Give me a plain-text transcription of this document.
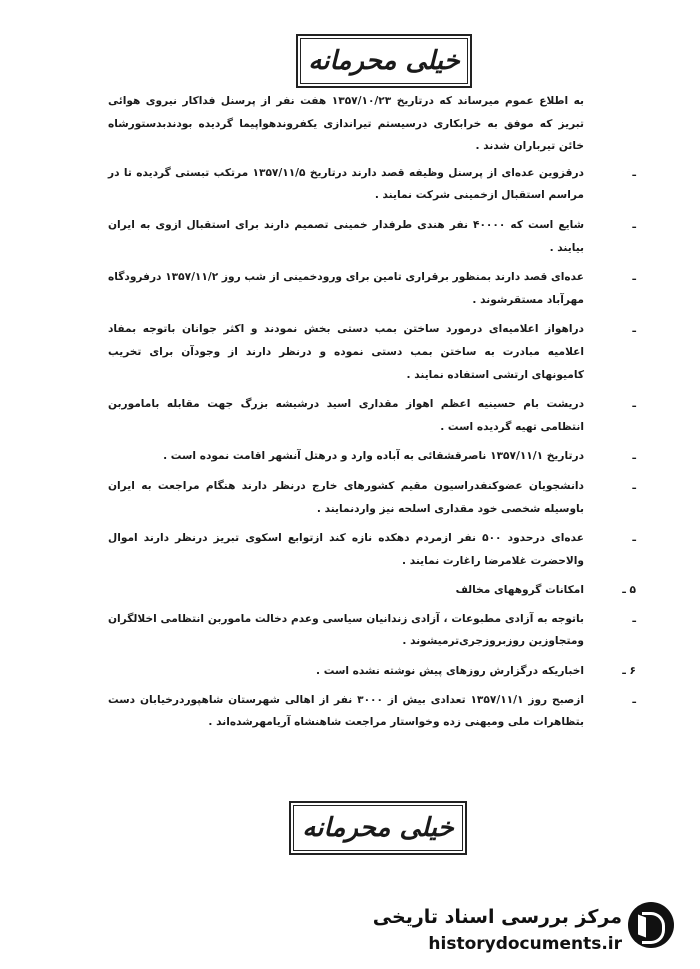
خیلی محرمانه

به اطلاع عموم میرساند که درتاریخ ۱۳۵۷/۱۰/۲۳ هفت نفر از پرسنل فداکار نیروی هوائی تبریز که موفق به خرابکاری درسیستم تیراندازی یکفروندهواپیما گردیده بودندبدستورشاه خائن تیرباران شدند .

ـ
درقزوین عده‌ای از پرسنل وظیفه قصد دارند درتاریخ ۱۳۵۷/۱۱/۵ مرتکب تبستی گردیده تا در مراسم استقبال ازخمینی شرکت نمایند .
ـ
شایع است که ۴۰۰۰۰ نفر هندی طرفدار خمینی تصمیم دارند برای استقبال ازوی به ایران بیایند .
ـ
عده‌ای قصد دارند بمنظور برقراری تامین برای ورودخمینی از شب روز ۱۳۵۷/۱۱/۲ درفرودگاه مهرآباد مستقرشوند .
ـ
دراهواز اعلامیه‌ای درمورد ساختن بمب دستی بخش نمودند و اکثر جوانان باتوجه بمفاد اعلامیه مبادرت به ساختن بمب دستی نموده و درنظر دارند از وجودآن برای تخریب کامیونهای ارتشی استفاده نمایند .
ـ
دریشت بام حسینیه اعظم اهواز مقداری اسید درشیشه بزرگ جهت مقابله باماموربن انتظامی تهیه گردیده است .
ـ
درتاریخ ۱۳۵۷/۱۱/۱ ناصرقشقائی به آباده وارد و درهتل آنشهر اقامت نموده است .
ـ
دانشجویان عضوکنفدراسیون مقیم کشورهای خارج درنظر دارند هنگام مراجعت به ایران باوسیله شخصی خود مقداری اسلحه نیز واردنمایند .
ـ
عده‌ای درحدود ۵۰۰ نفر ازمردم دهکده نازه کند ازتوابع اسکوی تبریز درنظر دارند اموال والاحضرت غلامرضا راغارت نمایند .
۵ ـ
امکانات گروههای مخالف
ـ
باتوجه به آزادی مطبوعات ، آزادی زندانیان سیاسی وعدم دخالت ماموربن انتظامی اخلالگران ومتجاوزین روزبروزجری‌ترمیشوند .
۶ ـ
اخباریکه درگزارش روزهای پیش نوشته نشده است .
ـ
ازصبح روز ۱۳۵۷/۱۱/۱ تعدادی بیش از ۳۰۰۰ نفر از اهالی شهرستان شاهپوردرخیابان دست بتظاهرات ملی ومیهنی زده وخواستار مراجعت شاهنشاه آریامهرشده‌اند .
خیلی محرمانه
مرکز بررسی اسناد تاریخی
historydocuments.ir
